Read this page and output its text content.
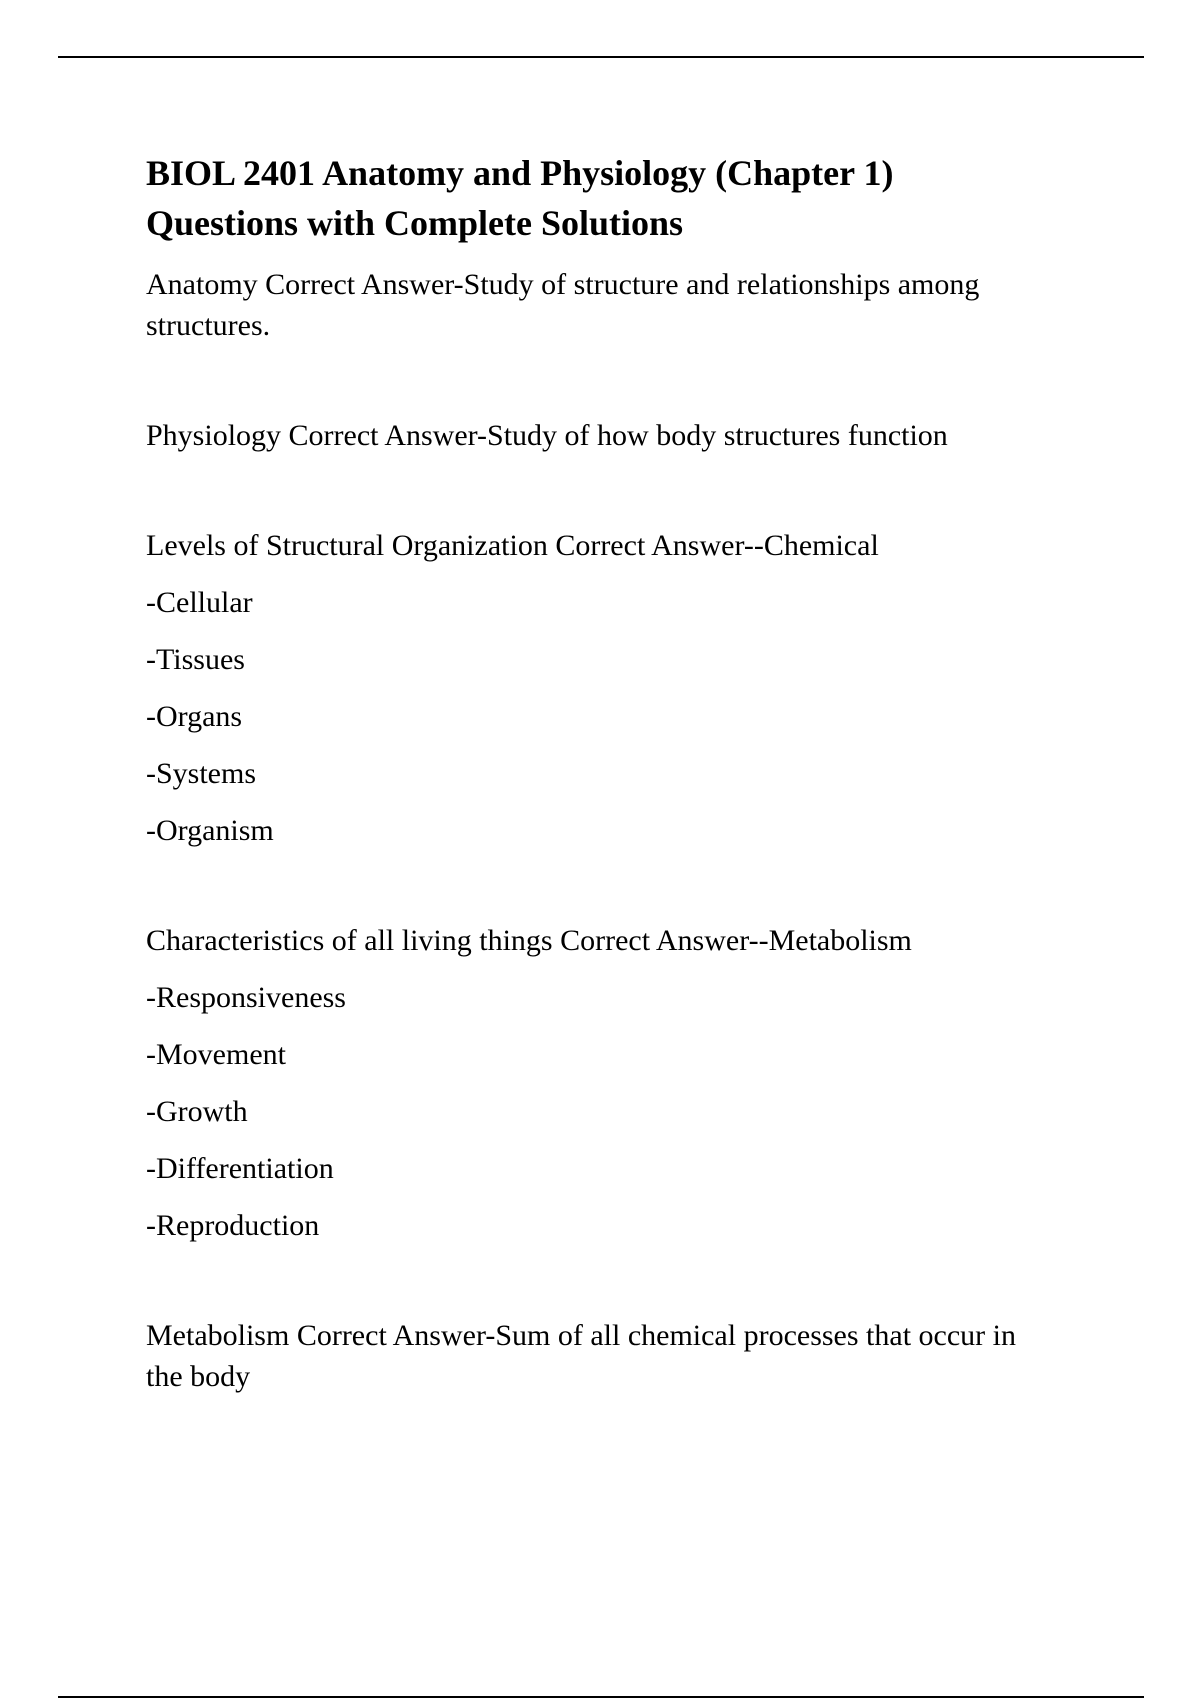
BIOL 2401 Anatomy and Physiology (Chapter 1)
Questions with Complete Solutions

Anatomy Correct Answer-Study of structure and relationships among

structures.

Physiology Correct Answer-Study of how body structures function

Levels of Structural Organization Correct Answer--Chemical

-Cellular

-Tissues

-Organs

-Systems

-Organism

Characteristics of all living things Correct Answer--Metabolism

-Responsiveness

-Movement

-Growth

-Differentiation

-Reproduction

Metabolism Correct Answer-Sum of all chemical processes that occur in

the body
